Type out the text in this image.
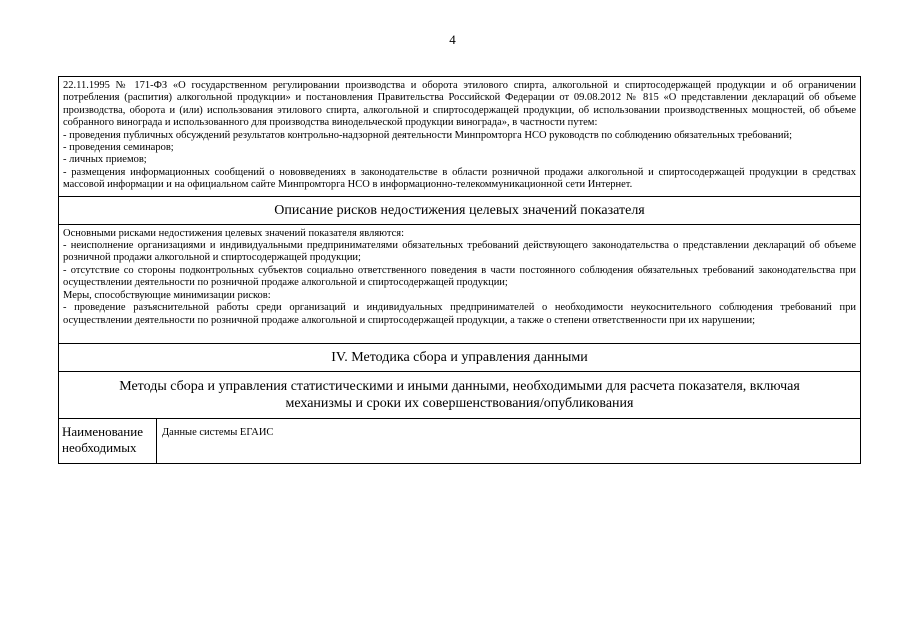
4

22.11.1995 № 171-ФЗ «О государственном регулировании производства и оборота этилового спирта, алкогольной и спиртосодержащей продукции и об ограничении потребления (распития) алкогольной продукции» и постановления Правительства Российской Федерации от 09.08.2012 № 815 «О представлении деклараций об объеме производства, оборота и (или) использования этилового спирта, алкогольной и спиртосодержащей продукции, об использовании производственных мощностей, об объеме собранного винограда и использованного для производства винодельческой продукции винограда», в частности путем:

- проведения публичных обсуждений результатов контрольно-надзорной деятельности Минпромторга НСО руководств по соблюдению обязательных требований;

- проведения семинаров;

- личных приемов;

- размещения информационных сообщений о нововведениях в законодательстве в области розничной продажи алкогольной и спиртосодержащей продукции в средствах массовой информации и на официальном сайте Минпромторга НСО в информационно-телекоммуникационной сети Интернет.

Описание рисков недостижения целевых значений показателя

Основными рисками недостижения целевых значений показателя являются:

- неисполнение организациями и индивидуальными предпринимателями обязательных требований действующего законодательства о представлении деклараций об объеме розничной продажи алкогольной и спиртосодержащей продукции;

- отсутствие со стороны подконтрольных субъектов социально ответственного поведения в части постоянного соблюдения обязательных требований законодательства при осуществлении деятельности по розничной продаже алкогольной и спиртосодержащей продукции;

Меры, способствующие минимизации рисков:

- проведение разъяснительной работы среди организаций и индивидуальных предпринимателей о необходимости неукоснительного соблюдения требований при осуществлении деятельности по розничной продаже алкогольной и спиртосодержащей продукции, а также о степени ответственности при их нарушении;

IV. Методика сбора и управления данными
Методы сбора и управления статистическими и иными данными, необходимыми для расчета показателя, включая механизмы и сроки их совершенствования/опубликования
Наименование необходимых
Данные системы ЕГАИС
